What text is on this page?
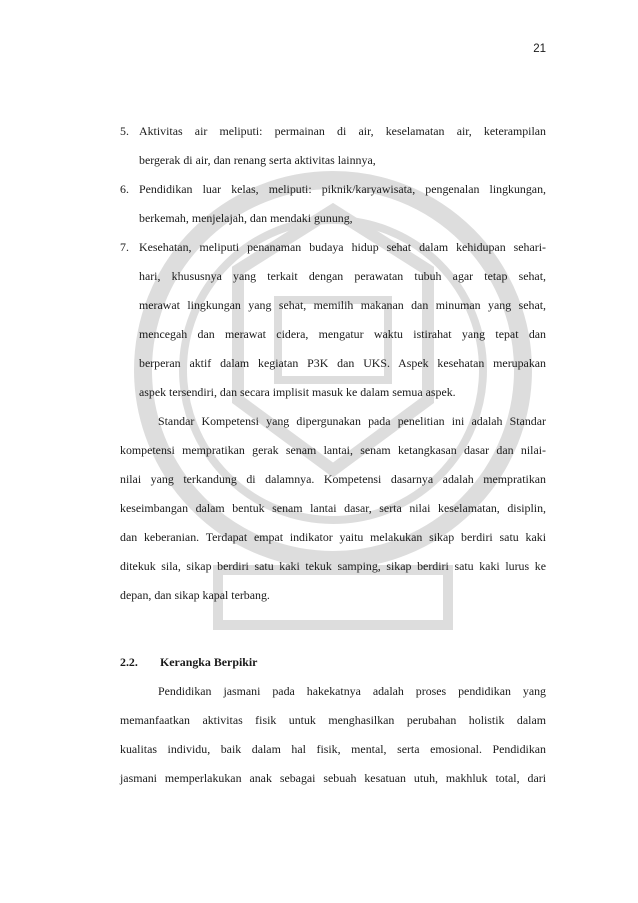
21
5. Aktivitas air meliputi: permainan di air, keselamatan air, keterampilan
bergerak di air, dan renang serta aktivitas lainnya,
6. Pendidikan luar kelas, meliputi: piknik/karyawisata, pengenalan lingkungan,
berkemah, menjelajah, dan mendaki gunung,
7. Kesehatan, meliputi penanaman budaya hidup sehat dalam kehidupan sehari-
hari, khususnya yang terkait dengan perawatan tubuh agar tetap sehat,
merawat lingkungan yang sehat, memilih makanan dan minuman yang sehat,
mencegah dan merawat cidera, mengatur waktu istirahat yang tepat dan
berperan aktif dalam kegiatan P3K dan UKS. Aspek kesehatan merupakan
aspek tersendiri, dan secara implisit masuk ke dalam semua aspek.
Standar Kompetensi yang dipergunakan pada penelitian ini adalah Standar
kompetensi mempratikan gerak senam lantai, senam ketangkasan dasar dan nilai-
nilai yang terkandung di dalamnya. Kompetensi dasarnya adalah mempratikan
keseimbangan dalam bentuk senam lantai dasar, serta nilai keselamatan, disiplin,
dan keberanian. Terdapat empat indikator yaitu melakukan sikap berdiri satu kaki
ditekuk sila, sikap berdiri satu kaki tekuk samping, sikap berdiri satu kaki lurus ke
depan, dan sikap kapal terbang.
2.2. Kerangka Berpikir
Pendidikan jasmani pada hakekatnya adalah proses pendidikan yang
memanfaatkan aktivitas fisik untuk menghasilkan perubahan holistik dalam
kualitas individu, baik dalam hal fisik, mental, serta emosional. Pendidikan
jasmani memperlakukan anak sebagai sebuah kesatuan utuh, makhluk total, dari
